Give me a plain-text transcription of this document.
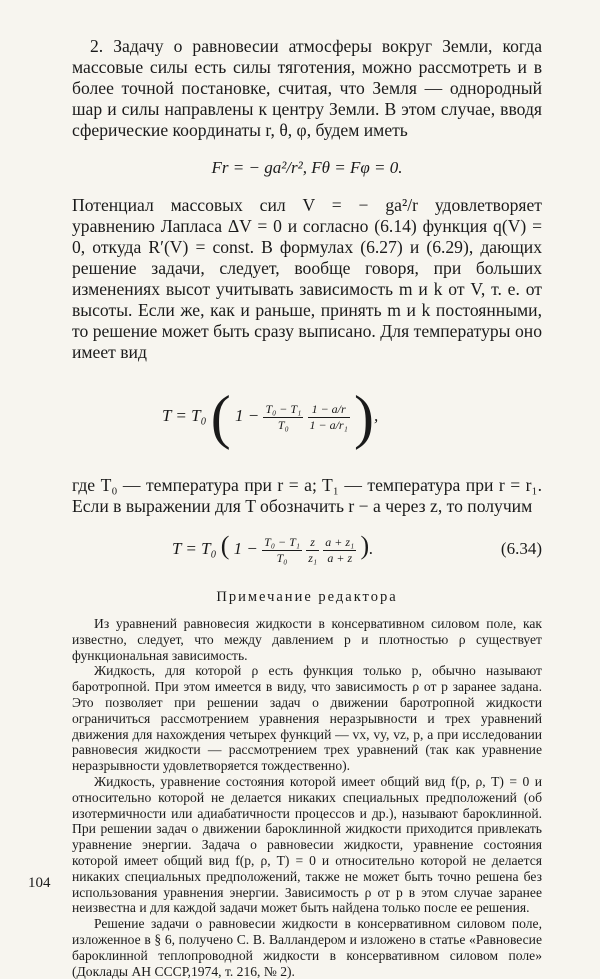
2. Задачу о равновесии атмосферы вокруг Земли, когда массовые силы есть силы тяготения, можно рассмотреть и в более точной постановке, считая, что Земля — однородный шар и силы направлены к центру Земли. В этом случае, вводя сферические координаты r, θ, φ, будем иметь

Fr = − ga²/r², Fθ = Fφ = 0.

Потенциал массовых сил V = − ga²/r удовлетворяет уравнению Лапласа ΔV = 0 и согласно (6.14) функция q(V) = 0, откуда R′(V) = const. В формулах (6.27) и (6.29), дающих решение задачи, следует, вообще говоря, при больших изменениях высот учитывать зависимость m и k от V, т. е. от высоты. Если же, как и раньше, принять m и k постоянными, то решение может быть сразу выписано. Для температуры оно имеет вид

T = T₀ ( $1 - \frac{\text{T₀ − T₁}}{\text{T₀}}$
$\frac{1 - a/r}{\text{1 − a/r₁}}$ ),

где T₀ — температура при r = a; T₁ — температура при r = r₁. Если в выражении для T обозначить r − a через z, то получим

T = T₀ ( $1 - \frac{\text{T₀ − T₁}}{\text{T₀}}$
$\frac{z}{\text{z₁}}$
$\frac{\text{a + z₁}}{a + z}$ ).	(6.34)
Примечание редактора

Из уравнений равновесия жидкости в консервативном силовом поле, как известно, следует, что между давлением p и плотностью ρ существует функциональная зависимость.

Жидкость, для которой ρ есть функция только p, обычно называют баротропной. При этом имеется в виду, что зависимость ρ от p заранее задана. Это позволяет при решении задач о движении баротропной жидкости ограничиться рассмотрением уравнения неразрывности и трех уравнений движения для нахождения четырех функций — vx, vy, vz, p, а при исследовании равновесия жидкости — рассмотрением трех уравнений (так как уравнение неразрывности удовлетворяется тождественно).

Жидкость, уравнение состояния которой имеет общий вид f(p, ρ, T) = 0 и относительно которой не делается никаких специальных предположений (об изотермичности или адиабатичности процессов и др.), называют бароклинной. При решении задач о движении бароклинной жидкости приходится привлекать уравнение энергии. Задача о равновесии жидкости, уравнение состояния которой имеет общий вид f(p, ρ, T) = 0 и относительно которой не делается никаких специальных предположений, также не может быть точно решена без использования уравнения энергии. Зависимость ρ от p в этом случае заранее неизвестна и для каждой задачи может быть найдена только после ее решения.

Решение задачи о равновесии жидкости в консервативном силовом поле, изложенное в § 6, получено С. В. Валландером и изложено в статье «Равновесие бароклинной теплопроводной жидкости в консервативном силовом поле» (Доклады АН СССР,1974, т. 216, № 2).

104
